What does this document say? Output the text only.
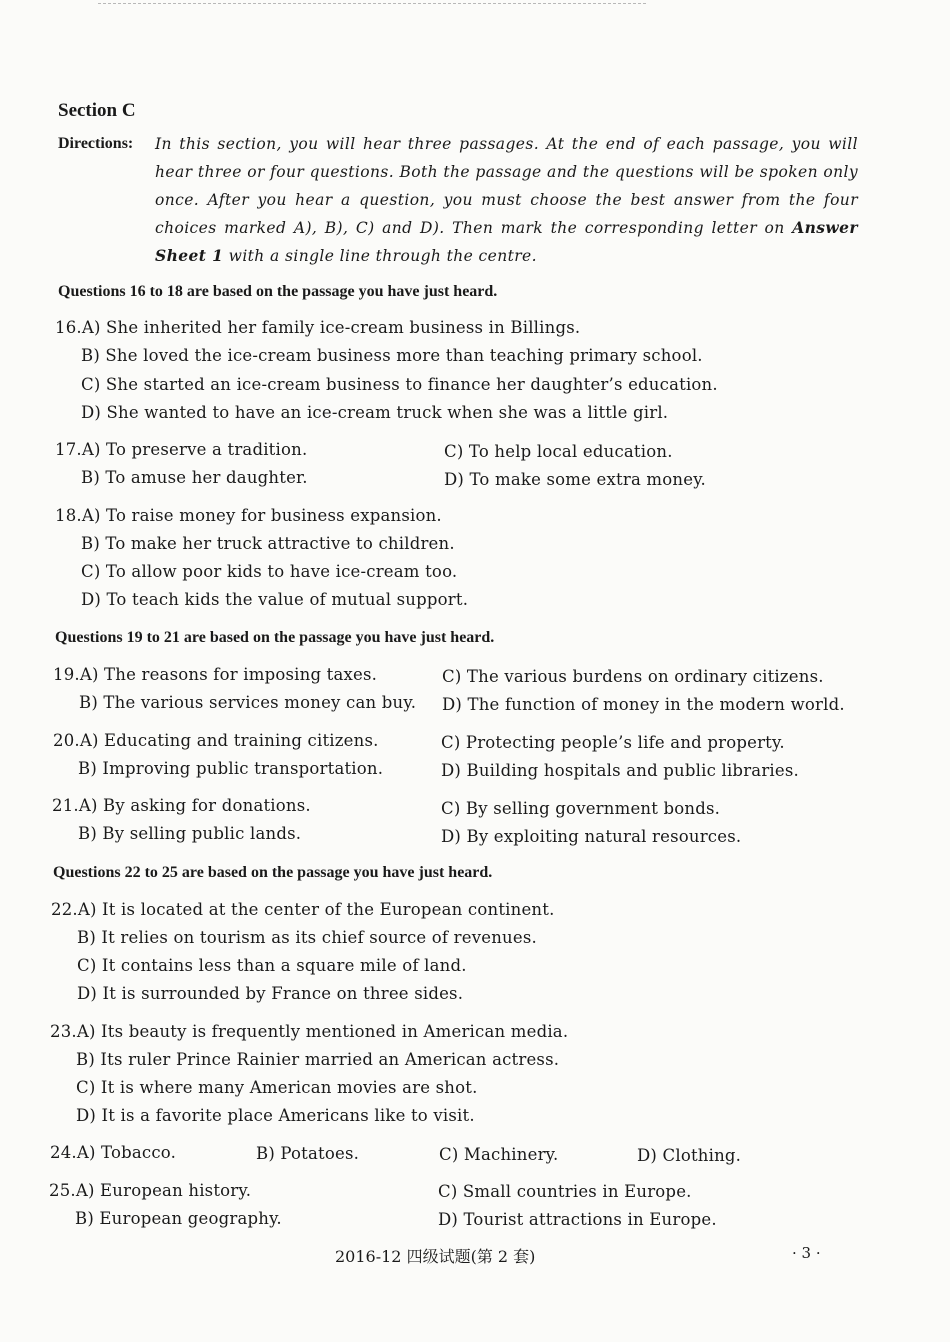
Section C
Directions: In this section, you will hear three passages. At the end of each passage, you will hear three or four questions. Both the passage and the questions will be spoken only once. After you hear a question, you must choose the best answer from the four choices marked A), B), C) and D). Then mark the corresponding letter on Answer Sheet 1 with a single line through the centre.
Questions 16 to 18 are based on the passage you have just heard.
16.A) She inherited her family ice-cream business in Billings.
B) She loved the ice-cream business more than teaching primary school.
C) She started an ice-cream business to finance her daughter’s education.
D) She wanted to have an ice-cream truck when she was a little girl.
17.A) To preserve a tradition.	C) To help local education.
B) To amuse her daughter.	D) To make some extra money.
18.A) To raise money for business expansion.
B) To make her truck attractive to children.
C) To allow poor kids to have ice-cream too.
D) To teach kids the value of mutual support.
Questions 19 to 21 are based on the passage you have just heard.
19.A) The reasons for imposing taxes.	C) The various burdens on ordinary citizens.
B) The various services money can buy. D) The function of money in the modern world.
20.A) Educating and training citizens.	C) Protecting people’s life and property.
B) Improving public transportation.	D) Building hospitals and public libraries.
21.A) By asking for donations.	C) By selling government bonds.
B) By selling public lands.	D) By exploiting natural resources.
Questions 22 to 25 are based on the passage you have just heard.
22.A) It is located at the center of the European continent.
B) It relies on tourism as its chief source of revenues.
C) It contains less than a square mile of land.
D) It is surrounded by France on three sides.
23.A) Its beauty is frequently mentioned in American media.
B) Its ruler Prince Rainier married an American actress.
C) It is where many American movies are shot.
D) It is a favorite place Americans like to visit.
24.A) Tobacco.	B) Potatoes.	C) Machinery.	D) Clothing.
25.A) European history.	C) Small countries in Europe.
B) European geography.	D) Tourist attractions in Europe.
2016-12 四级试题(第 2 套)	· 3 ·
